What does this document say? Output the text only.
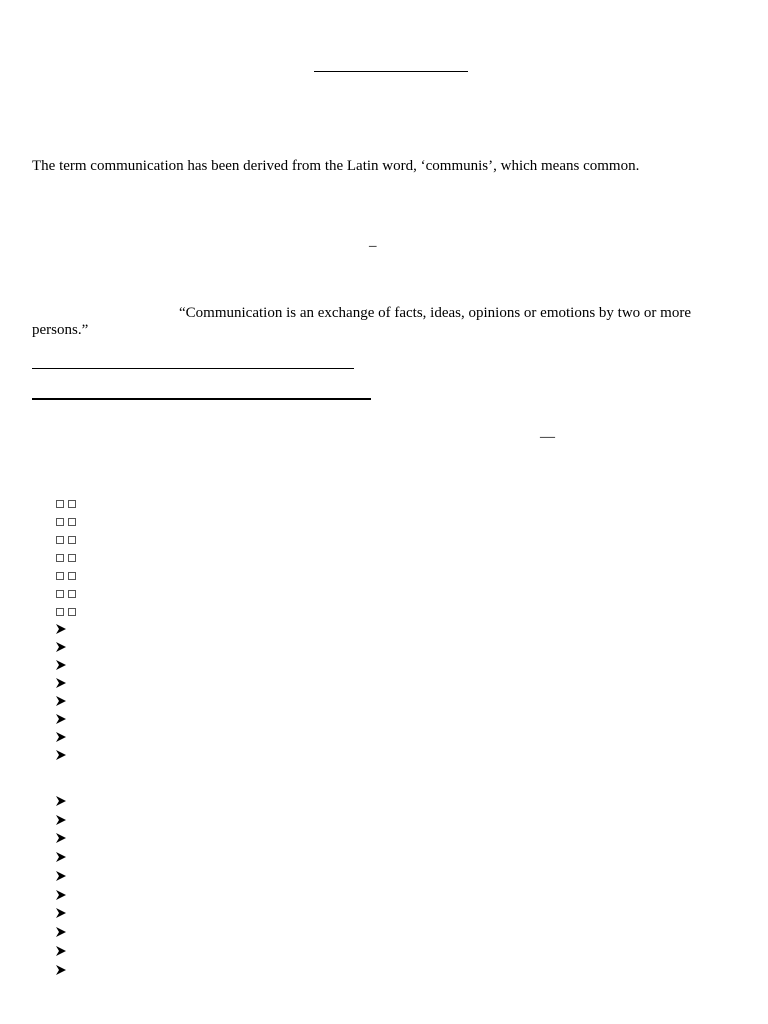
The term communication has been derived from the Latin word, ‘communis’, which means common.
–
“Communication is an exchange of facts, ideas, opinions or emotions by two or more
persons.”
—
